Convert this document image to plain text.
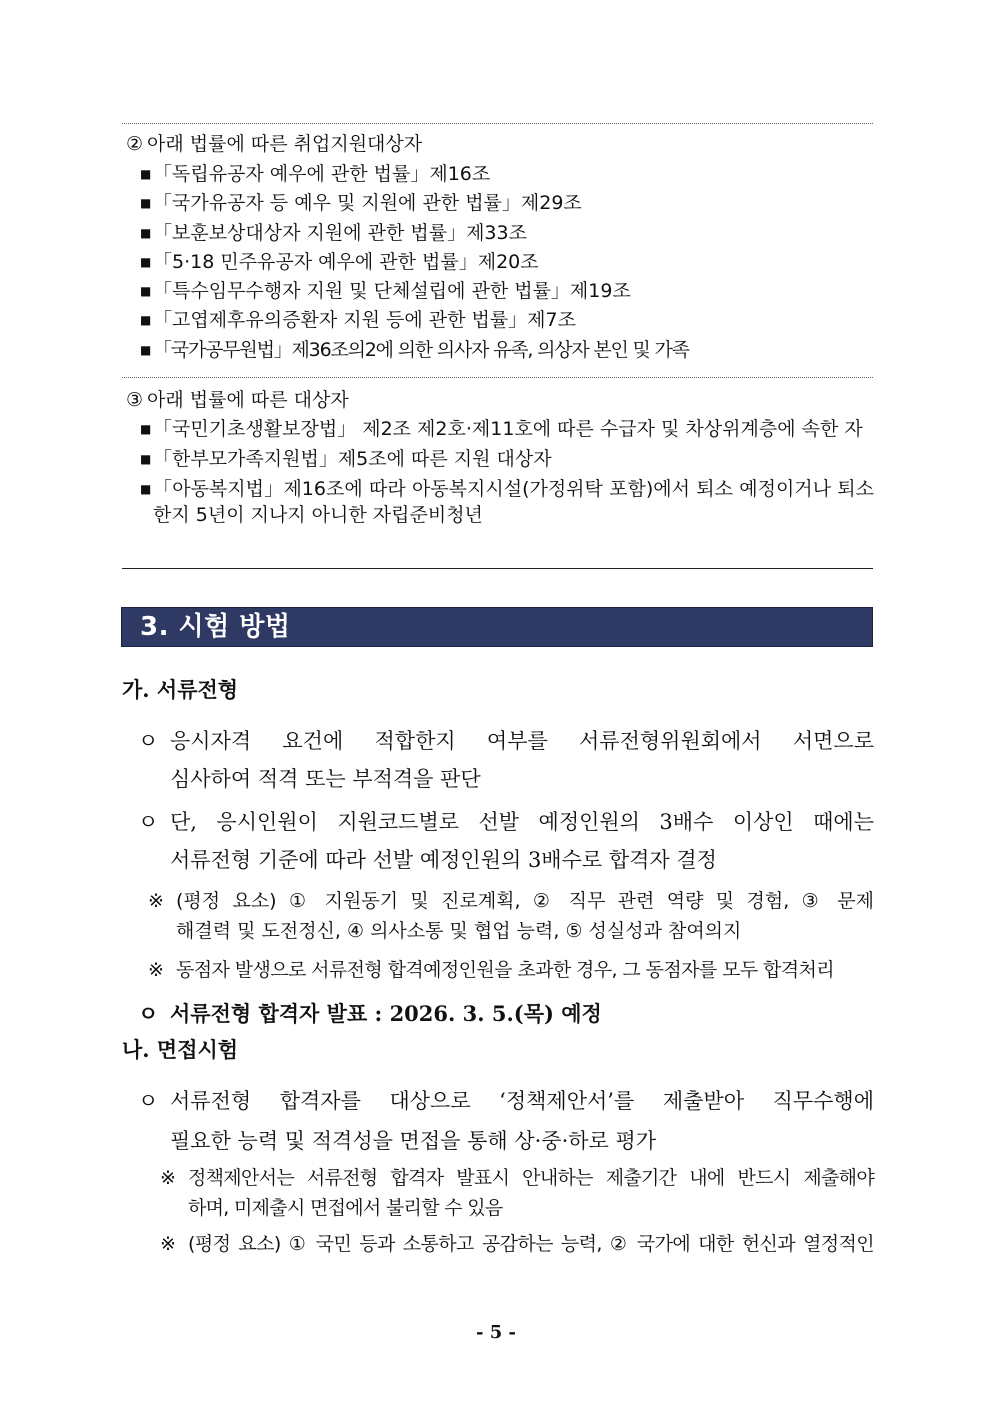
② 아래 법률에 따른 취업지원대상자
■ 「독립유공자 예우에 관한 법률」제16조
■ 「국가유공자 등 예우 및 지원에 관한 법률」제29조
■ 「보훈보상대상자 지원에 관한 법률」제33조
■ 「5·18 민주유공자 예우에 관한 법률」제20조
■ 「특수임무수행자 지원 및 단체설립에 관한 법률」제19조
■ 「고엽제후유의증환자 지원 등에 관한 법률」제7조
■ 「국가공무원법」제36조의2에 의한 의사자 유족, 의상자 본인 및 가족
③ 아래 법률에 따른 대상자
■ 「국민기초생활보장법」 제2조 제2호·제11호에 따른 수급자 및 차상위계층에 속한 자
■ 「한부모가족지원법」제5조에 따른 지원 대상자
■ 「아동복지법」제16조에 따라 아동복지시설(가정위탁 포함)에서 퇴소 예정이거나 퇴소한지 5년이 지나지 아니한 자립준비청년
3. 시험 방법
가. 서류전형
ㅇ 응시자격 요건에 적합한지 여부를 서류전형위원회에서 서면으로
심사하여 적격 또는 부적격을 판단
ㅇ 단, 응시인원이 지원코드별로 선발 예정인원의 3배수 이상인 때에는
서류전형 기준에 따라 선발 예정인원의 3배수로 합격자 결정
※ (평정 요소) ① 지원동기 및 진로계획, ② 직무 관련 역량 및 경험, ③ 문제
해결력 및 도전정신, ④ 의사소통 및 협업 능력, ⑤ 성실성과 참여의지
※ 동점자 발생으로 서류전형 합격예정인원을 초과한 경우, 그 동점자를 모두 합격처리
ㅇ 서류전형 합격자 발표 : 2026. 3. 5.(목) 예정
나. 면접시험
ㅇ 서류전형 합격자를 대상으로 ‘정책제안서’를 제출받아 직무수행에
필요한 능력 및 적격성을 면접을 통해 상·중·하로 평가
※ 정책제안서는 서류전형 합격자 발표시 안내하는 제출기간 내에 반드시 제출해야
하며, 미제출시 면접에서 불리할 수 있음
※ (평정 요소) ① 국민 등과 소통하고 공감하는 능력, ② 국가에 대한 헌신과 열정적인
- 5 -
